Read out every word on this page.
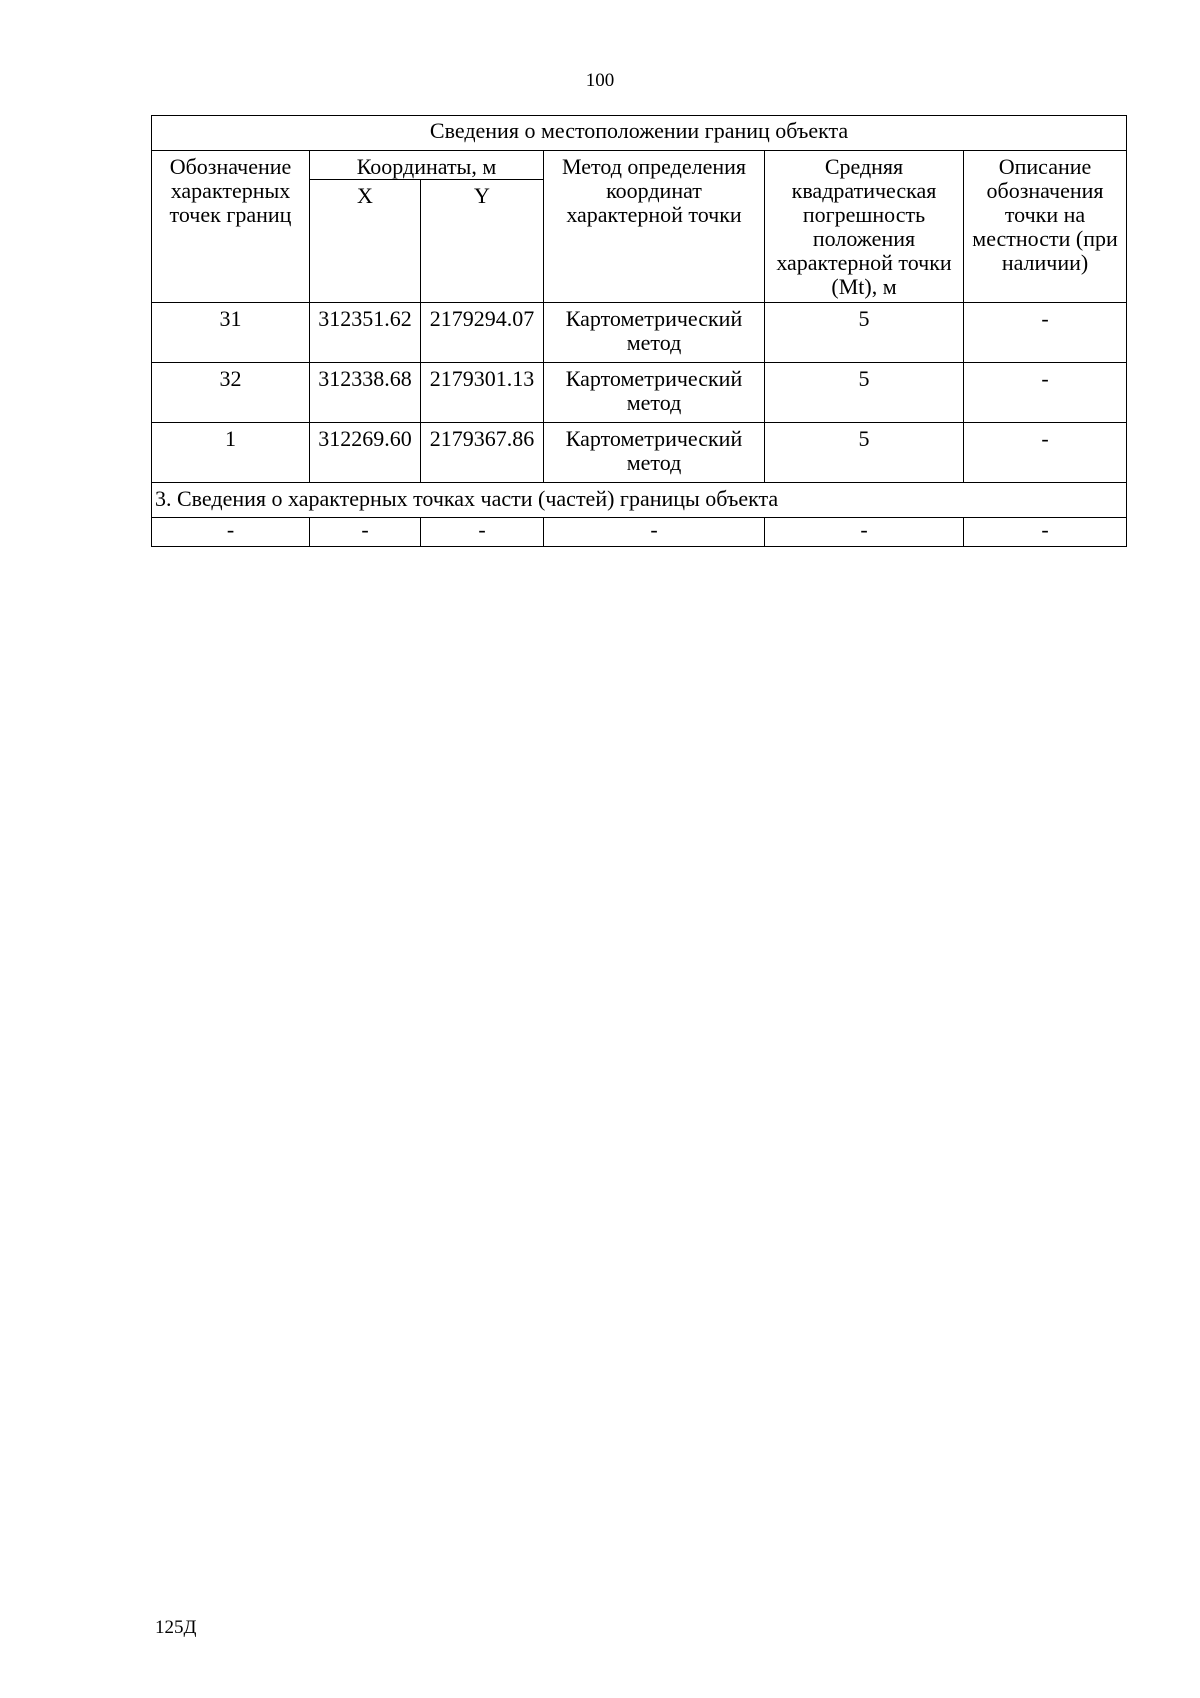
100
Сведения о местоположении границ объекта					
Обозначение характерных точек границ	Координаты, м		Метод определения координат характерной точки	Средняя квадратическая погрешность положения характерной точки (Mt), м	Описание обозначения точки на местности (при наличии)
	X	Y			
31	312351.62	2179294.07	Картометрический метод	5	-
32	312338.68	2179301.13	Картометрический метод	5	-
1	312269.60	2179367.86	Картометрический метод	5	-
3. Сведения о характерных точках части (частей) границы объекта					
-	-	-	-	-	-
125Д
